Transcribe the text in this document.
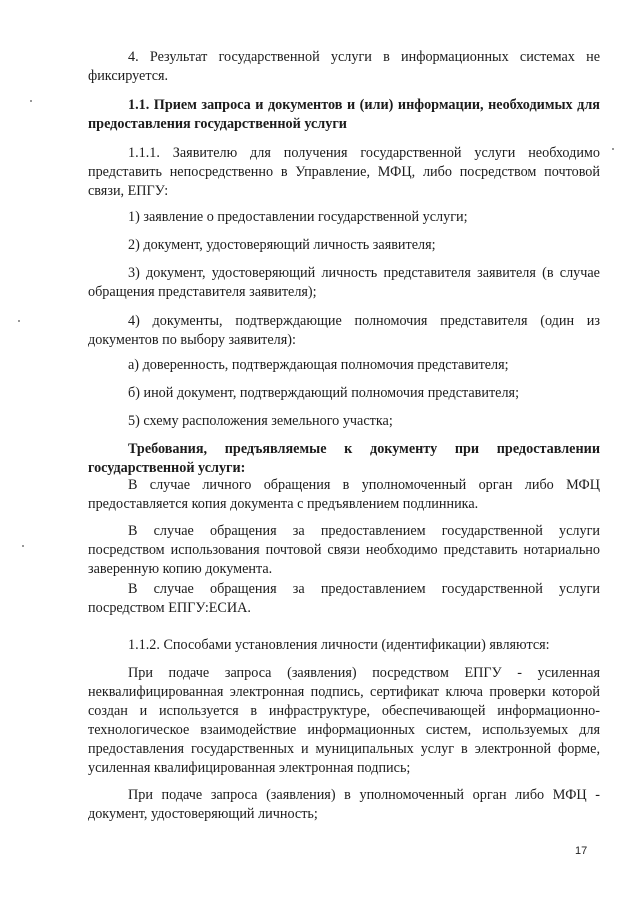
4. Результат государственной услуги в информационных системах не фиксируется.

1.1. Прием запроса и документов и (или) информации, необходимых для предоставления государственной услуги

1.1.1. Заявителю для получения государственной услуги необходимо представить непосредственно в Управление, МФЦ, либо посредством почтовой связи, ЕПГУ:

1) заявление о предоставлении государственной услуги;

2) документ, удостоверяющий личность заявителя;

3) документ, удостоверяющий личность представителя заявителя (в случае обращения представителя заявителя);

4) документы, подтверждающие полномочия представителя (один из документов по выбору заявителя):

а) доверенность, подтверждающая полномочия представителя;

б) иной документ, подтверждающий полномочия представителя;

5) схему расположения земельного участка;

Требования, предъявляемые к документу при предоставлении государственной услуги:

В случае личного обращения в уполномоченный орган либо МФЦ предоставляется копия документа с предъявлением подлинника.

В случае обращения за предоставлением государственной услуги посредством использования почтовой связи необходимо представить нотариально заверенную копию документа.

В случае обращения за предоставлением государственной услуги посредством ЕПГУ:ЕСИА.

1.1.2. Способами установления личности (идентификации) являются:

При подаче запроса (заявления) посредством ЕПГУ - усиленная неквалифицированная электронная подпись, сертификат ключа проверки которой создан и используется в инфраструктуре, обеспечивающей информационно-технологическое взаимодействие информационных систем, используемых для предоставления государственных и муниципальных услуг в электронной форме, усиленная квалифицированная электронная подпись;

При подаче запроса (заявления) в уполномоченный орган либо МФЦ - документ, удостоверяющий личность;

17
